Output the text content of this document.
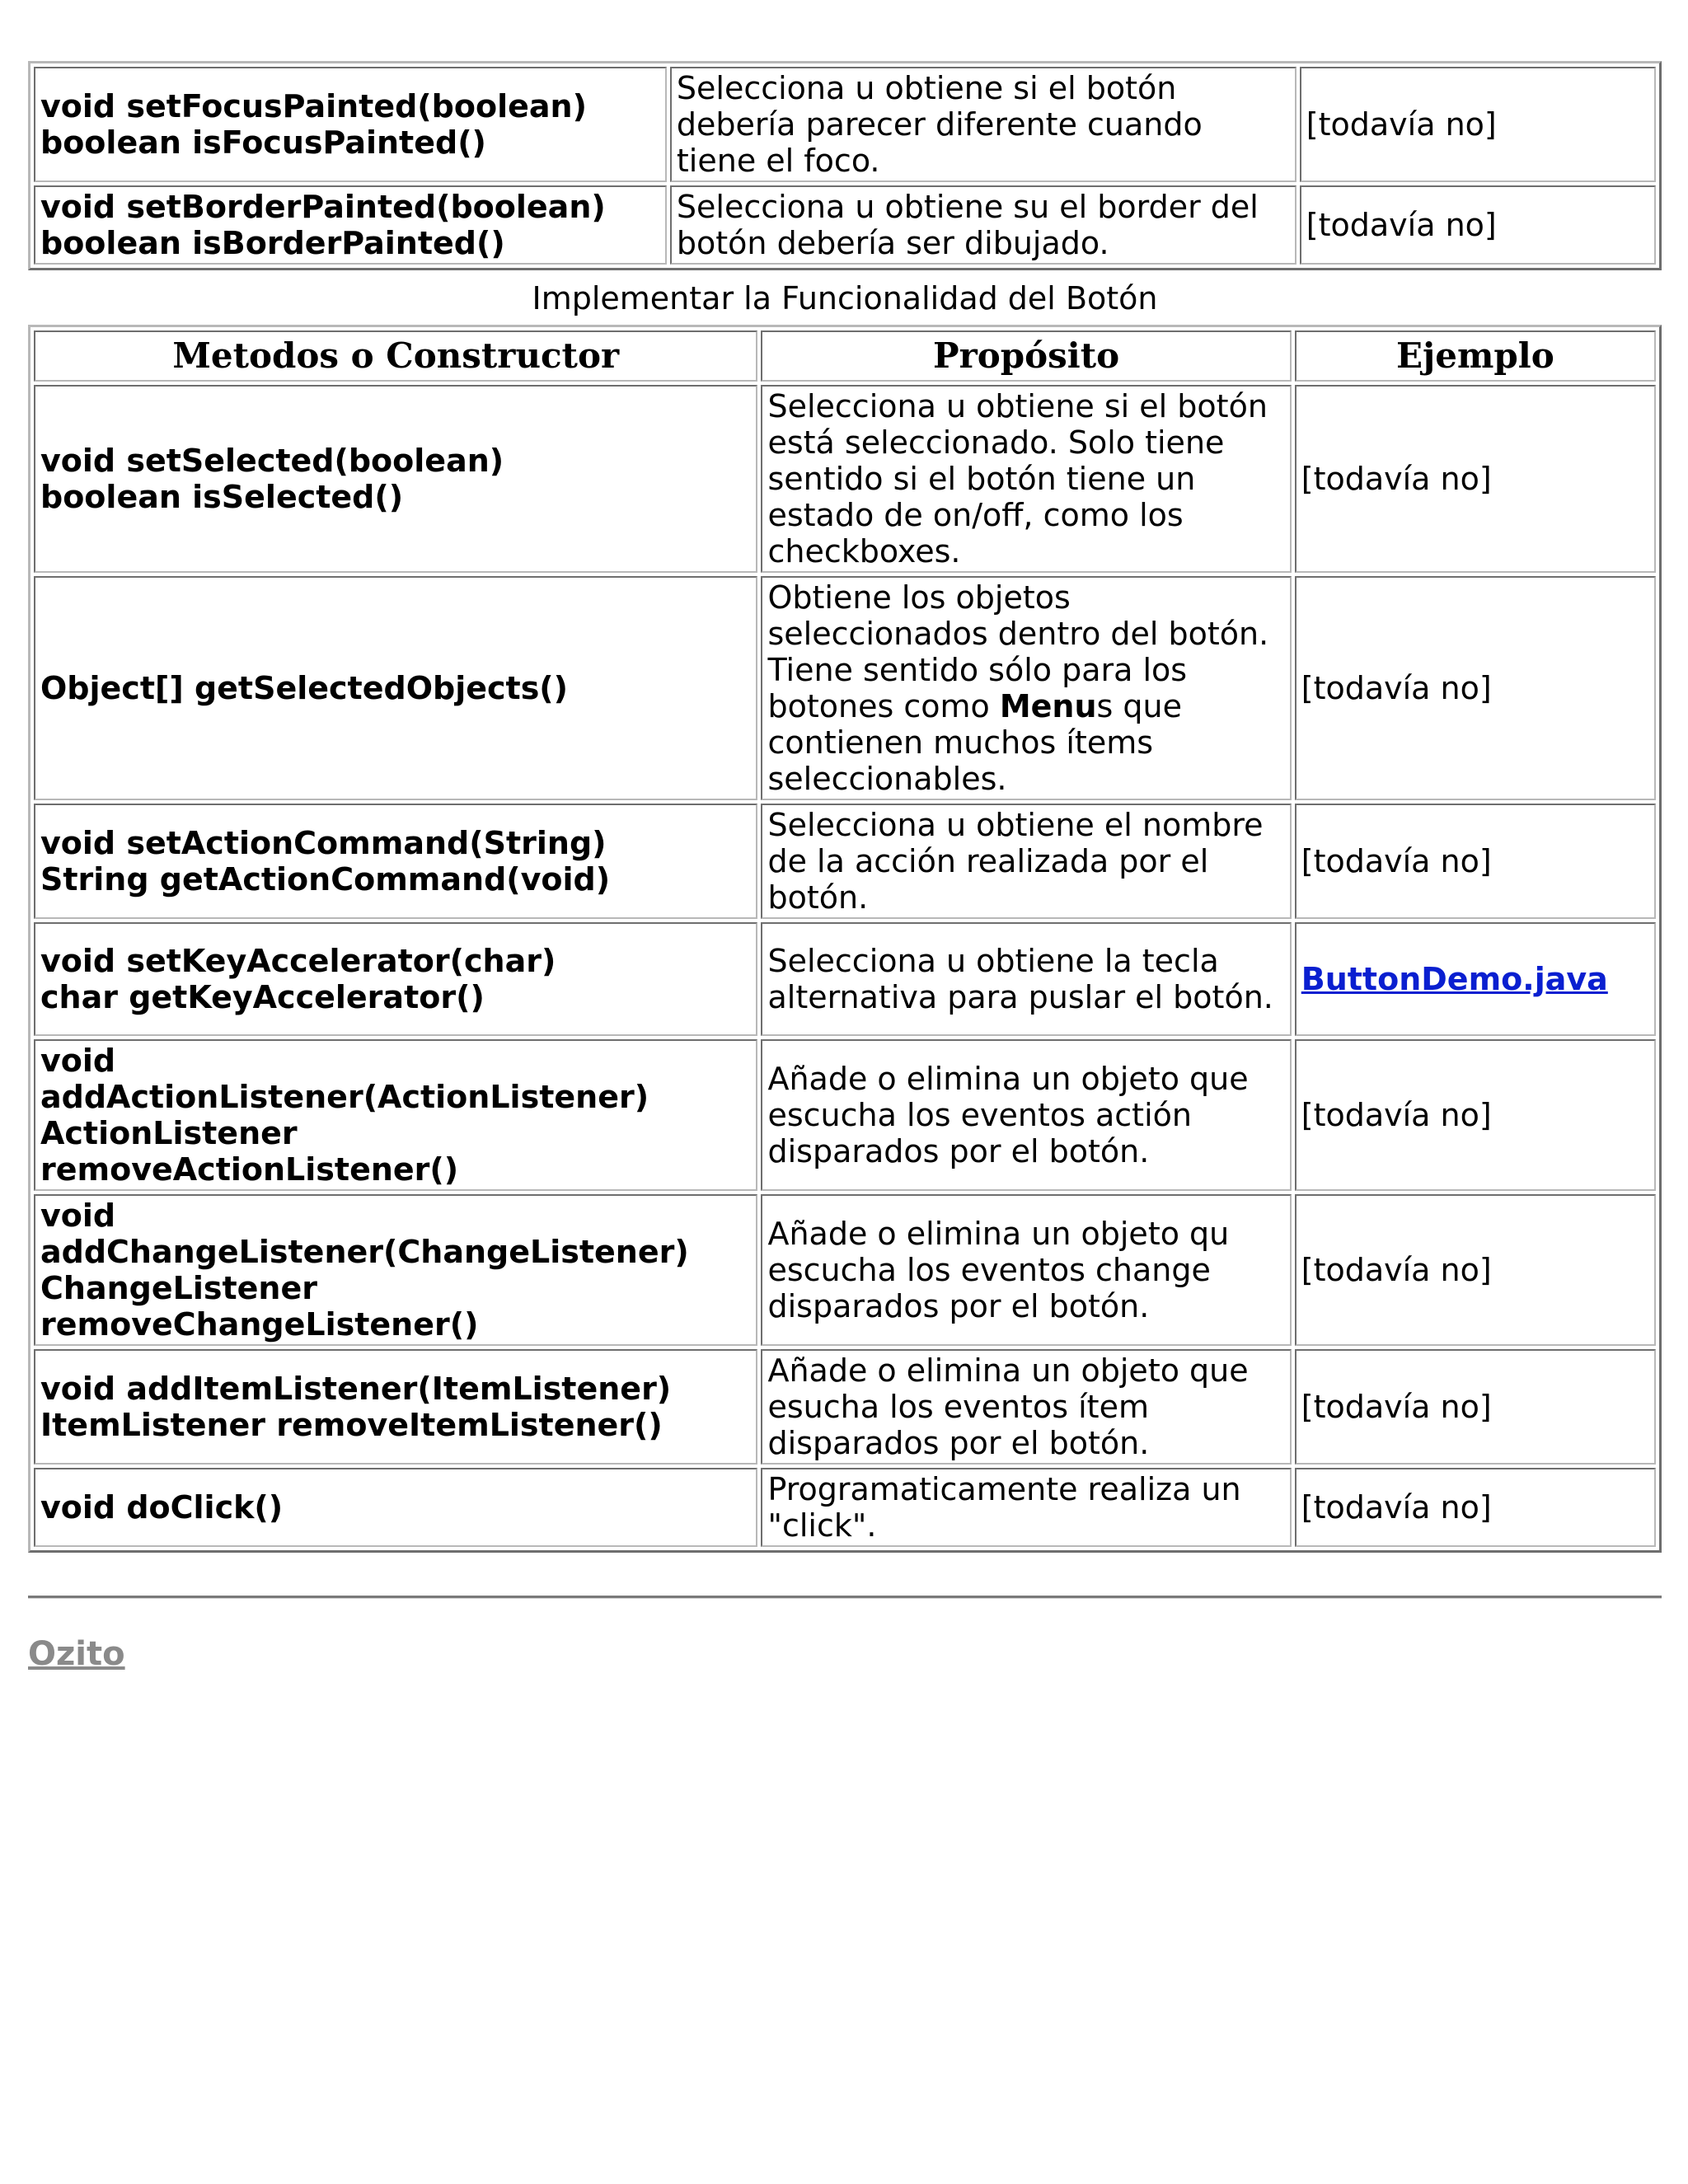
void setFocusPainted(boolean)
boolean isFocusPainted()	Selecciona u obtiene si el botón debería parecer diferente cuando tiene el foco.	[todavía no]
void setBorderPainted(boolean)
boolean isBorderPainted()	Selecciona u obtiene su el border del botón debería ser dibujado.	[todavía no]
Implementar la Funcionalidad del Botón
Metodos o Constructor	Propósito	Ejemplo
void setSelected(boolean)
boolean isSelected()	Selecciona u obtiene si el botón está seleccionado. Solo tiene sentido si el botón tiene un estado de on/off, como los checkboxes.	[todavía no]
Object[] getSelectedObjects()	Obtiene los objetos seleccionados dentro del botón. Tiene sentido sólo para los botones como Menus que contienen muchos ítems seleccionables.	[todavía no]
void setActionCommand(String)
String getActionCommand(void)	Selecciona u obtiene el nombre de la acción realizada por el botón.	[todavía no]
void setKeyAccelerator(char)
char getKeyAccelerator()	Selecciona u obtiene la tecla alternativa para puslar el botón.	ButtonDemo.java
void
addActionListener(ActionListener)
ActionListener
removeActionListener()	Añade o elimina un objeto que escucha los eventos actión disparados por el botón.	[todavía no]
void
addChangeListener(ChangeListener)
ChangeListener
removeChangeListener()	Añade o elimina un objeto qu escucha los eventos change disparados por el botón.	[todavía no]
void addItemListener(ItemListener)
ItemListener removeItemListener()	Añade o elimina un objeto que esucha los eventos ítem disparados por el botón.	[todavía no]
void doClick()	Programaticamente realiza un "click".	[todavía no]
Ozito
